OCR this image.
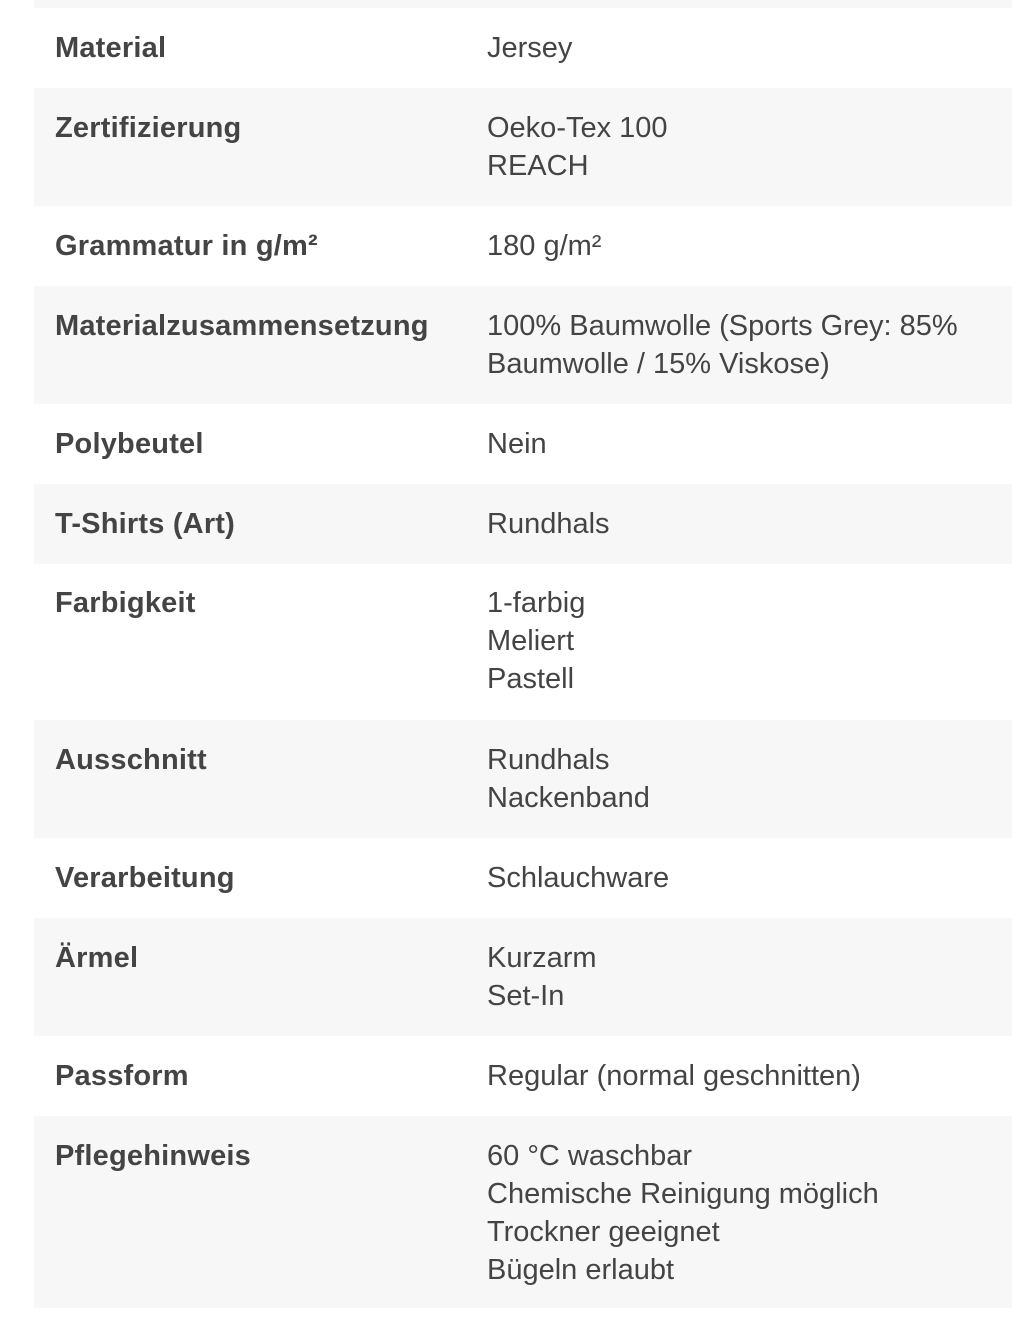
Material	Jersey

Zertifizierung	Oeko-Tex 100
REACH

Grammatur in g/m²	180 g/m²

Materialzusammensetzung	100% Baumwolle (Sports Grey: 85%
Baumwolle / 15% Viskose)

Polybeutel	Nein

T-Shirts (Art)	Rundhals

Farbigkeit	1-farbig
Meliert
Pastell

Ausschnitt	Rundhals
Nackenband

Verarbeitung	Schlauchware

Ärmel	Kurzarm
Set-In

Passform	Regular (normal geschnitten)

Pflegehinweis	60 °C waschbar
Chemische Reinigung möglich
Trockner geeignet
Bügeln erlaubt
